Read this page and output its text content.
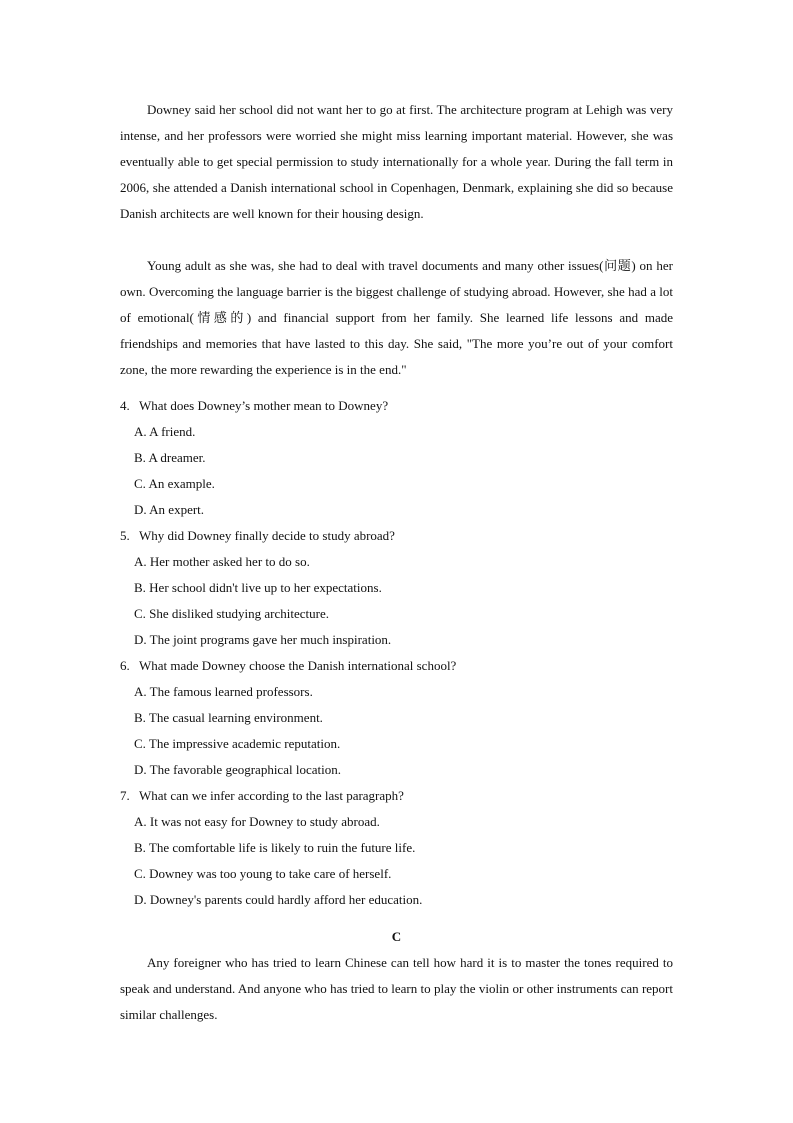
Downey said her school did not want her to go at first. The architecture program at Lehigh was very intense, and her professors were worried she might miss learning important material. However, she was eventually able to get special permission to study internationally for a whole year. During the fall term in 2006, she attended a Danish international school in Copenhagen, Denmark, explaining she did so because Danish architects are well known for their housing design.

Young adult as she was, she had to deal with travel documents and many other issues(问题) on her own. Overcoming the language barrier is the biggest challenge of studying abroad. However, she had a lot of emotional(情感的) and financial support from her family. She learned life lessons and made friendships and memories that have lasted to this day. She said, "The more you’re out of your comfort zone, the more rewarding the experience is in the end."

4. What does Downey’s mother mean to Downey?

A. A friend.

B. A dreamer.

C. An example.

D. An expert.

5. Why did Downey finally decide to study abroad?

A. Her mother asked her to do so.

B. Her school didn't live up to her expectations.

C. She disliked studying architecture.

D. The joint programs gave her much inspiration.

6. What made Downey choose the Danish international school?

A. The famous learned professors.

B. The casual learning environment.

C. The impressive academic reputation.

D. The favorable geographical location.

7. What can we infer according to the last paragraph?

A. It was not easy for Downey to study abroad.

B. The comfortable life is likely to ruin the future life.

C. Downey was too young to take care of herself.

D. Downey's parents could hardly afford her education.

C

Any foreigner who has tried to learn Chinese can tell how hard it is to master the tones required to speak and understand. And anyone who has tried to learn to play the violin or other instruments can report similar challenges.
